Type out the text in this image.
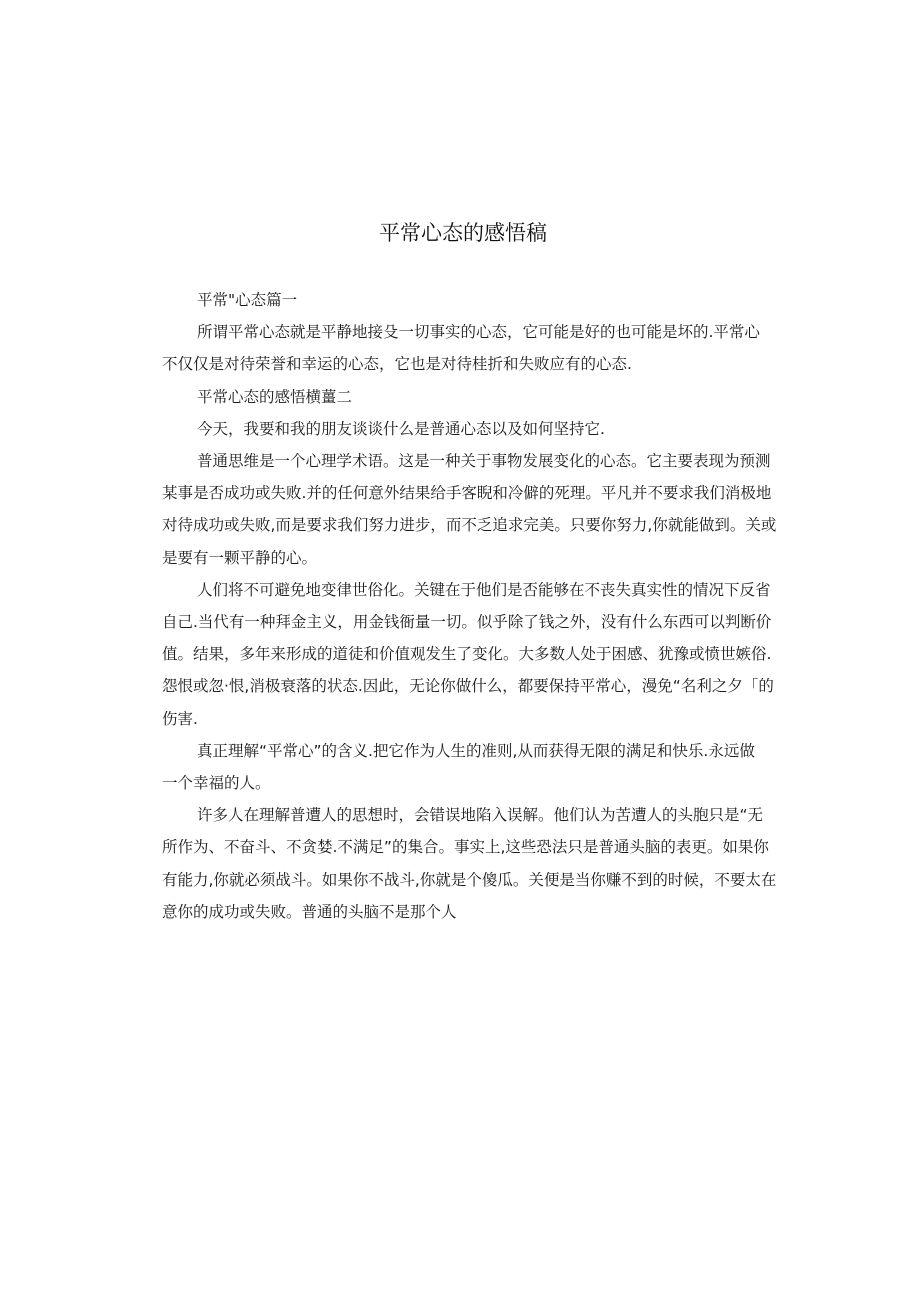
平常心态的感悟稿

平常"心态篇一

所谓平常心态就是平静地接殳一切事实的心态，它可能是好的也可能是坏的.平常心
不仅仅是对待荣誉和幸运的心态，它也是对待桂折和失败应有的心态.

平常心态的感悟横薑二

今天，我要和我的朋友谈谈什么是普通心态以及如何坚持它.

普通思维是一个心理学术语。这是一种关于事物发展变化的心态。它主要表现为预测
某事是否成功或失败.并的任何意外结果给手客睨和冷僻的死理。平凡并不要求我们消极地
对待成功或失败,而是要求我们努力进步，而不乏追求完美。只要你努力,你就能做到。关或
是要有一颗平静的心。

人们将不可避免地变律世俗化。关键在于他们是否能够在不丧失真实性的情况下反省
自己.当代有一种拜金主义，用金钱衙量一切。似乎除了钱之外，没有什么东西可以判断价
值。结果，多年来形成的道徒和价值观发生了变化。大多数人处于困感、犹豫或愤世嫉俗.
怨恨或忽·恨,消极衰落的状态.因此，无论你做什么，都要保持平常心，漫免“名利之夕「的
伤害.

真正理解“平常心”的含义.把它作为人生的准则,从而获得无限的满足和快乐.永远做
一个幸福的人。

许多人在理解普遭人的思想时，会错误地陷入误解。他们认为苦遭人的头胞只是“无
所作为、不奋斗、不贪婪.不满足”的集合。事实上,这些恐法只是普通头脑的表更。如果你
有能力,你就必须战斗。如果你不战斗,你就是个傻瓜。关便是当你赚不到的时候，不要太在
意你的成功或失败。普通的头脑不是那个人
